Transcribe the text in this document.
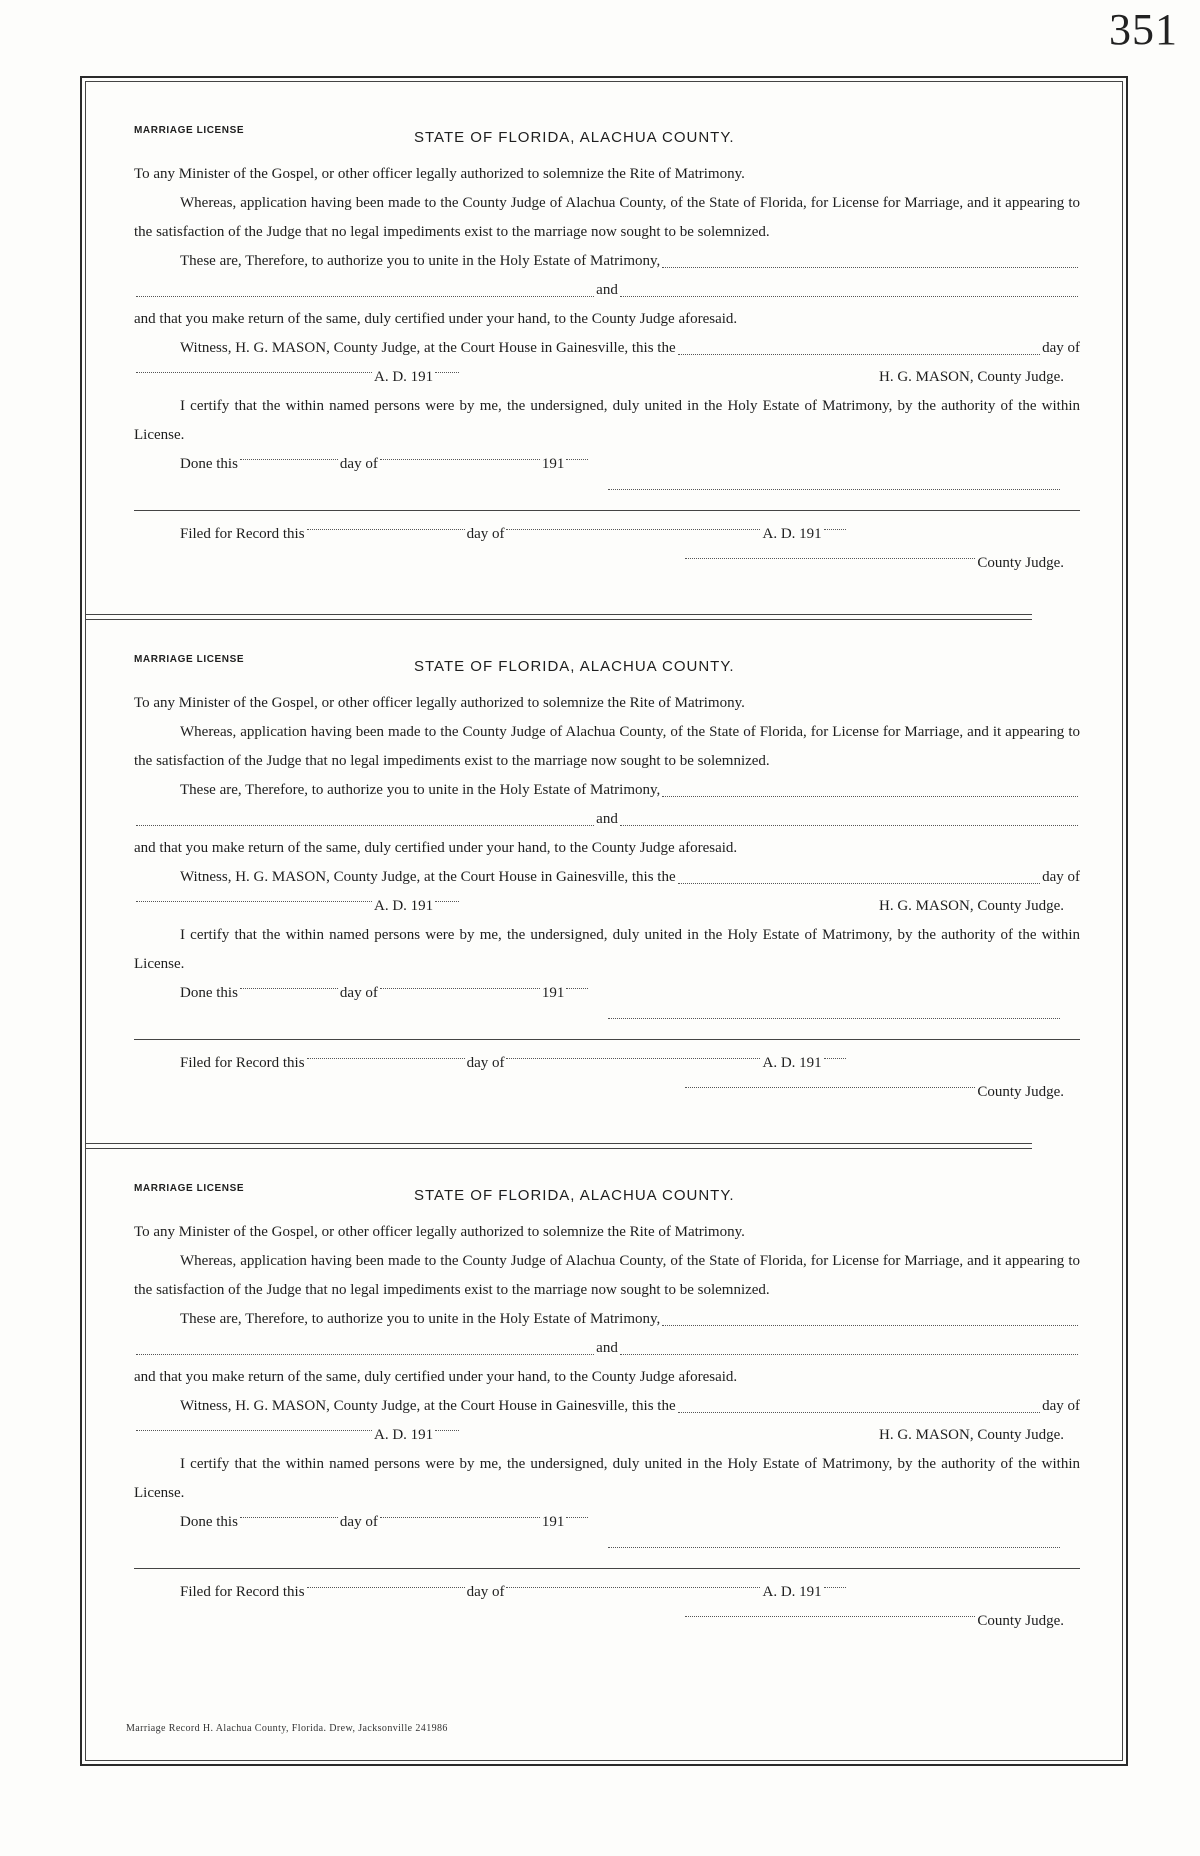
351
MARRIAGE LICENSE	STATE OF FLORIDA, ALACHUA COUNTY.
To any Minister of the Gospel, or other officer legally authorized to solemnize the Rite of Matrimony.
Whereas, application having been made to the County Judge of Alachua County, of the State of Florida, for License for Marriage, and it appearing to the satisfaction of the Judge that no legal impediments exist to the marriage now sought to be solemnized.
These are, Therefore, to authorize you to unite in the Holy Estate of Matrimony,
and
and that you make return of the same, duly certified under your hand, to the County Judge aforesaid.
Witness, H. G. MASON, County Judge, at the Court House in Gainesville, this the	day of
A. D. 191	H. G. MASON, County Judge.
I certify that the within named persons were by me, the undersigned, duly united in the Holy Estate of Matrimony, by the authority of the within License.
Done this	day of	191
Filed for Record this	day of	A. D. 191
County Judge.
MARRIAGE LICENSE	STATE OF FLORIDA, ALACHUA COUNTY.
To any Minister of the Gospel, or other officer legally authorized to solemnize the Rite of Matrimony.
Whereas, application having been made to the County Judge of Alachua County, of the State of Florida, for License for Marriage, and it appearing to the satisfaction of the Judge that no legal impediments exist to the marriage now sought to be solemnized.
These are, Therefore, to authorize you to unite in the Holy Estate of Matrimony,
and
and that you make return of the same, duly certified under your hand, to the County Judge aforesaid.
Witness, H. G. MASON, County Judge, at the Court House in Gainesville, this the	day of
A. D. 191	H. G. MASON, County Judge.
I certify that the within named persons were by me, the undersigned, duly united in the Holy Estate of Matrimony, by the authority of the within License.
Done this	day of	191
Filed for Record this	day of	A. D. 191
County Judge.
MARRIAGE LICENSE	STATE OF FLORIDA, ALACHUA COUNTY.
To any Minister of the Gospel, or other officer legally authorized to solemnize the Rite of Matrimony.
Whereas, application having been made to the County Judge of Alachua County, of the State of Florida, for License for Marriage, and it appearing to the satisfaction of the Judge that no legal impediments exist to the marriage now sought to be solemnized.
These are, Therefore, to authorize you to unite in the Holy Estate of Matrimony,
and
and that you make return of the same, duly certified under your hand, to the County Judge aforesaid.
Witness, H. G. MASON, County Judge, at the Court House in Gainesville, this the	day of
A. D. 191	H. G. MASON, County Judge.
I certify that the within named persons were by me, the undersigned, duly united in the Holy Estate of Matrimony, by the authority of the within License.
Done this	day of	191
Filed for Record this	day of	A. D. 191
County Judge.
Marriage Record H. Alachua County, Florida. Drew, Jacksonville 241986
